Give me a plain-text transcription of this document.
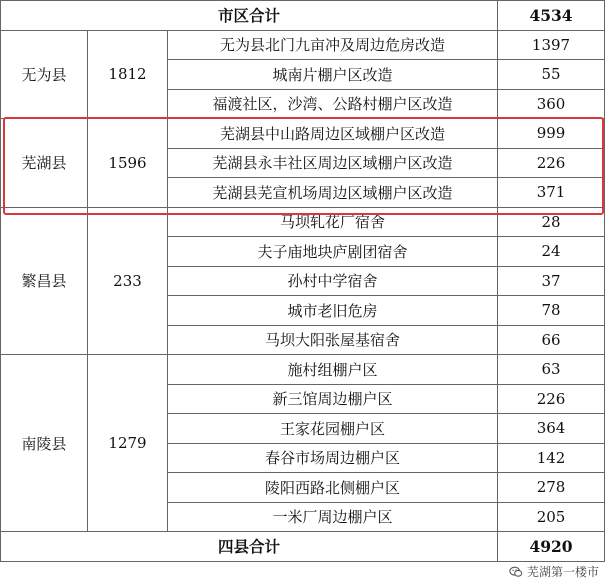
市区合计			4534
无为县	1812	无为县北门九亩冲及周边危房改造	1397
		城南片棚户区改造	55
		福渡社区，沙湾、公路村棚户区改造	360
芜湖县	1596	芜湖县中山路周边区域棚户区改造	999
		芜湖县永丰社区周边区域棚户区改造	226
		芜湖县芜宣机场周边区域棚户区改造	371
繁昌县	233	马坝轧花厂宿舍	28
		夫子庙地块庐剧团宿舍	24
		孙村中学宿舍	37
		城市老旧危房	78
		马坝大阳张屋基宿舍	66
南陵县	1279	施村组棚户区	63
		新三馆周边棚户区	226
		王家花园棚户区	364
		春谷市场周边棚户区	142
		陵阳西路北侧棚户区	278
		一米厂周边棚户区	205
四县合计			4920
芜湖第一楼市
